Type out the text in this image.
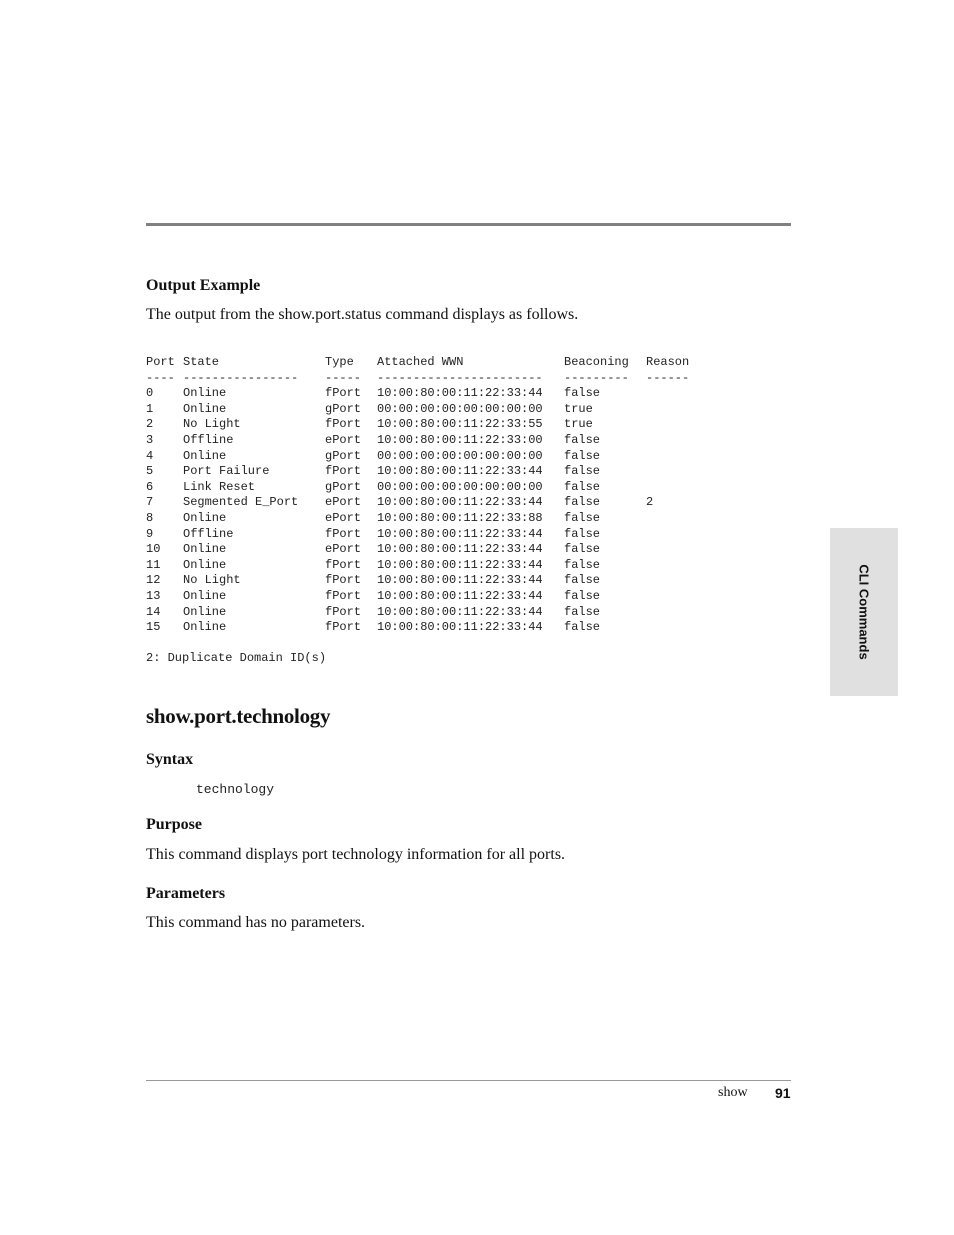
Output Example

The output from the show.port.status command displays as follows.

Port State	Type Attached WWN	Beaconing Reason
---- ---------------- ----- ----------------------- --------- ------
0 Online	fPort 10:00:80:00:11:22:33:44 false
1 Online	gPort 00:00:00:00:00:00:00:00 true
2 No Light	fPort 10:00:80:00:11:22:33:55 true
3 Offline	ePort 10:00:80:00:11:22:33:00 false
4 Online	gPort 00:00:00:00:00:00:00:00 false
5 Port Failure	fPort 10:00:80:00:11:22:33:44 false
6 Link Reset	gPort 00:00:00:00:00:00:00:00 false
7 Segmented E_Port ePort 10:00:80:00:11:22:33:44 false	2
8 Online	ePort 10:00:80:00:11:22:33:88 false
9 Offline	fPort 10:00:80:00:11:22:33:44 false
10 Online	ePort 10:00:80:00:11:22:33:44 false
11 Online	fPort 10:00:80:00:11:22:33:44 false
12 No Light	fPort 10:00:80:00:11:22:33:44 false
13 Online	fPort 10:00:80:00:11:22:33:44 false
14 Online	fPort 10:00:80:00:11:22:33:44 false
15 Online	fPort 10:00:80:00:11:22:33:44 false
2: Duplicate Domain ID(s)
show.port.technology
Syntax

technology

Purpose

This command displays port technology information for all ports.

Parameters

This command has no parameters.

CLI Commands
show 91
